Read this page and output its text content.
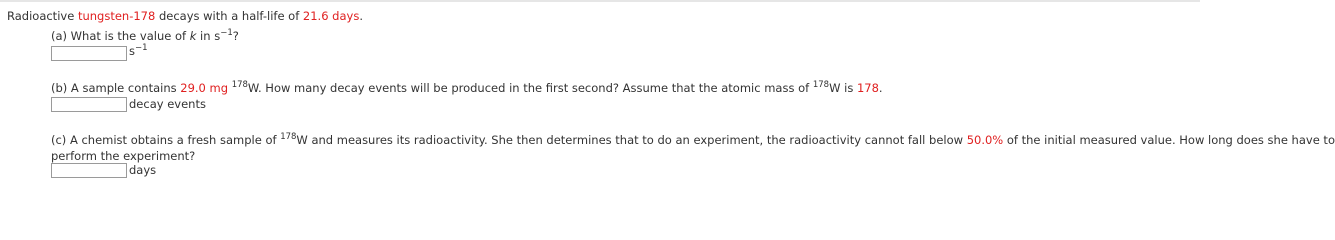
Radioactive tungsten-178 decays with a half-life of 21.6 days.
(a) What is the value of k in $s^{-1}$?
$s^{-1}$
(b) A sample contains 29.0 mg $^{178}$W. How many decay events will be produced in the first second? Assume that the atomic mass of $^{178}$W is 178.
decay events
(c) A chemist obtains a fresh sample of $^{178}$W and measures its radioactivity. She then determines that to do an experiment, the radioactivity cannot fall below 50.0% of the initial measured value. How long does she have to
perform the experiment?
days
